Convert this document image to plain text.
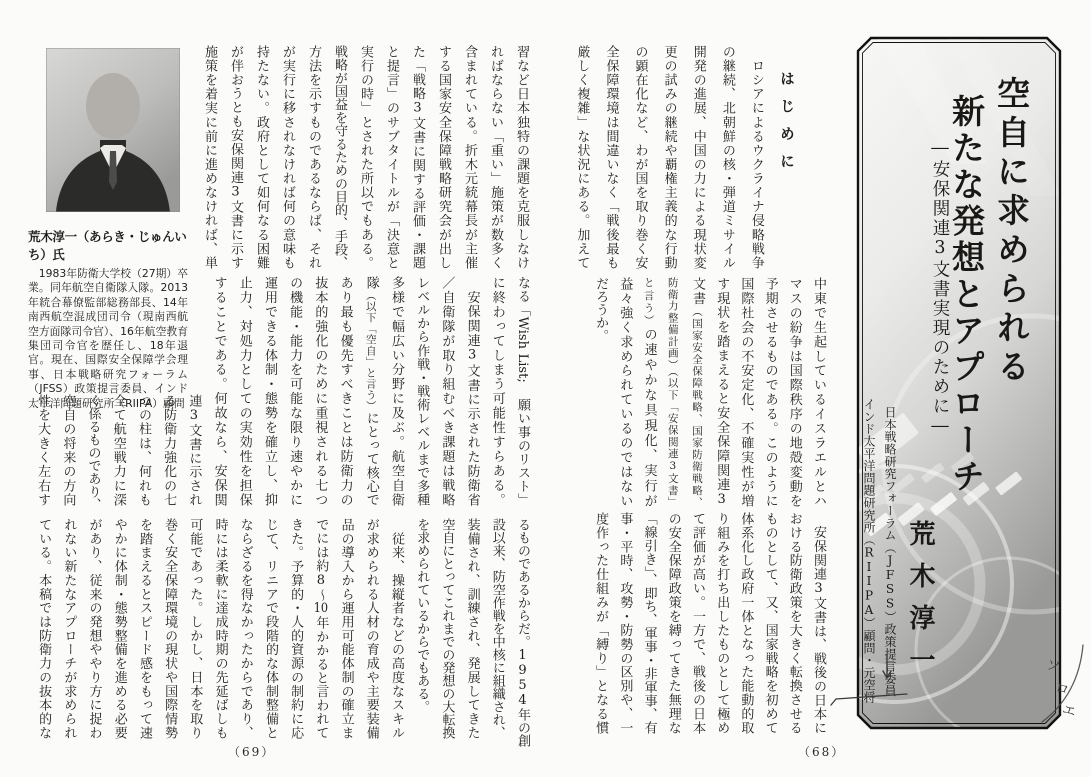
荒木淳一（あらき・じゅんいち）氏

　1983年防衛大学校（27期）卒業。同年航空自衛隊入隊。2013年統合幕僚監部総務部長、14年南西航空混成団司令（現南西航空方面隊司令官）、16年航空教育集団司令官を歴任し、18年退官。現在、国際安全保障学会理事、日本戦略研究フォーラム（JFSS）政策提言委員、インド太平洋問題研究所（RIIPA）顧問

習など日本独特の課題を克服しなけ
ればならない「重い」施策が数多く
含まれている。折木元統幕長が主催
する国家安全保障戦略研究会が出し
た「戦略3文書に関する評価・課題
と提言」のサブタイトルが「決意と
実行の時」とされた所以でもある。
戦略が国益を守るための目的、手段、
方法を示すものであるならば、それ
が実行に移されなければ何の意味も
持たない。政府として如何なる困難
が伴おうとも安保関連3文書に示す
施策を着実に前に進めなければ、単
なる「Wish List; 願い事のリスト」
に終わってしまう可能性すらある。
　安保関連3文書に示された防衛省
／自衛隊が取り組むべき課題は戦略
レベルから作戦・戦術レベルまで多種
多様で幅広い分野に及ぶ。航空自衛
隊（以下「空自」と言う）にとって核心で
あり最も優先すべきことは防衛力の
抜本的強化のために重視される七つ
の機能・能力を可能な限り速やかに
運用できる体制・態勢を確立し、抑
止力、対処力としての実効性を担保
することである。何故なら、安保関
連3文書に示され
る防衛力強化の七
つの柱は、何れも
全て航空戦力に深
く係るものであり、
空自の将来の方向
性を大きく左右す
るものであるからだ。1954年の創
設以来、防空作戦を中核に組織され、
装備され、訓練され、発展してきた
空自にとってこれまでの発想の大転換
を求められているからでもある。
　従来、操縦者などの高度なスキル
が求められる人材の育成や主要装備
品の導入から運用可能体制の確立ま
でには約8～10年かかると言われて
きた。予算的・人的資源の制約に応
じて、リニアで段階的な体制整備と
ならざるを得なかったからであり、
時には柔軟に達成時期の先延ばしも
可能であった。しかし、日本を取り
巻く安全保障環境の現状や国際情勢
を踏まえるとスピード感をもって速
やかに体制・態勢整備を進める必要
があり、従来の発想ややり方に捉わ
れない新たなアプローチが求められ
ている。本稿では防衛力の抜本的な
（69）
はじめに
　ロシアによるウクライナ侵略戦争
の継続、北朝鮮の核・弾道ミサイル
開発の進展、中国の力による現状変
更の試みの継続や覇権主義的な行動
の顕在化など、わが国を取り巻く安
全保障環境は間違いなく「戦後最も
厳しく複雑」な状況にある。加えて
中東で生起しているイスラエルとハ
マスの紛争は国際秩序の地殻変動を
予期させるものである。このように
国際社会の不安定化、不確実性が増
す現状を踏まえると安全保障関連3
文書（国家安全保障戦略、国家防衛戦略、
防衛力整備計画）（以下「安保関連3文書」
と言う）の速やかな具現化、実行が
益々強く求められているのではない
だろうか。
　安保関連3文書は、戦後の日本に
おける防衛政策を大きく転換させる
ものとして、又、国家戦略を初めて
体系化し政府一体となった能動的取
り組みを打ち出したものとして極め
て評価が高い。一方で、戦後の日本
の安全保障政策を縛ってきた無理な
「線引き」、即ち、軍事・非軍事、有
事・平時、攻勢・防勢の区別や、一
度作った仕組みが「縛り」となる慣
（68）
空自に求められる
新たな発想とアプローチ
―安保関連3文書実現のために―
日本戦略研究フォーラム（JFSS）政策提言委員
インド太平洋問題研究所（RIIPA）顧問・元空将 荒木淳一	ソ
ロ
エ
